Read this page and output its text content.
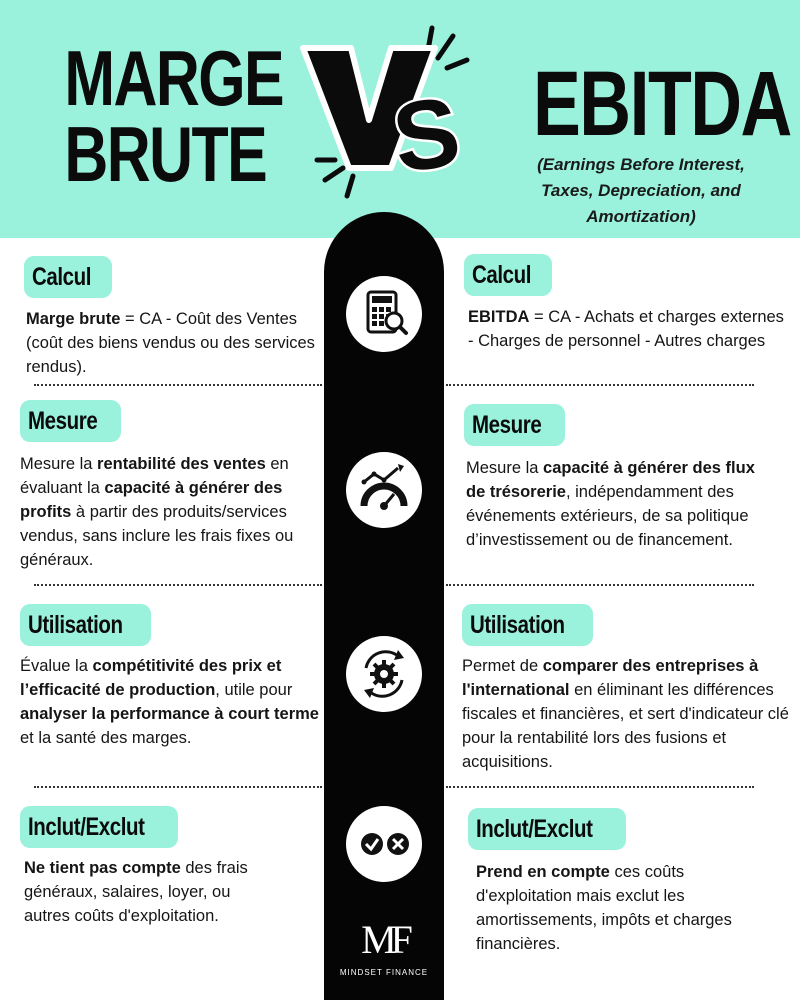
MARGE
BRUTE S EBITDA
(Earnings Before Interest,
Taxes, Depreciation, and
Amortization)
Calcul
Marge brute = CA - Coût des Ventes (coût des biens vendus ou des services rendus).
Calcul
EBITDA = CA - Achats et charges externes - Charges de personnel - Autres charges
Mesure
Mesure la rentabilité des ventes en évaluant la capacité à générer des profits à partir des produits/services vendus, sans inclure les frais fixes ou généraux.
Mesure
Mesure la capacité à générer des flux de trésorerie, indépendamment des événements extérieurs, de sa politique d’investissement ou de financement.
Utilisation
Évalue la compétitivité des prix et l’efficacité de production, utile pour analyser la performance à court terme et la santé des marges.
Utilisation
Permet de comparer des entreprises à l'international en éliminant les différences fiscales et financières, et sert d'indicateur clé pour la rentabilité lors des fusions et acquisitions.
Inclut/Exclut
Ne tient pas compte des frais généraux, salaires, loyer, ou autres coûts d'exploitation.
Inclut/Exclut
Prend en compte ces coûts d'exploitation mais exclut les amortissements, impôts et charges financières.
MF
MINDSET FINANCE
